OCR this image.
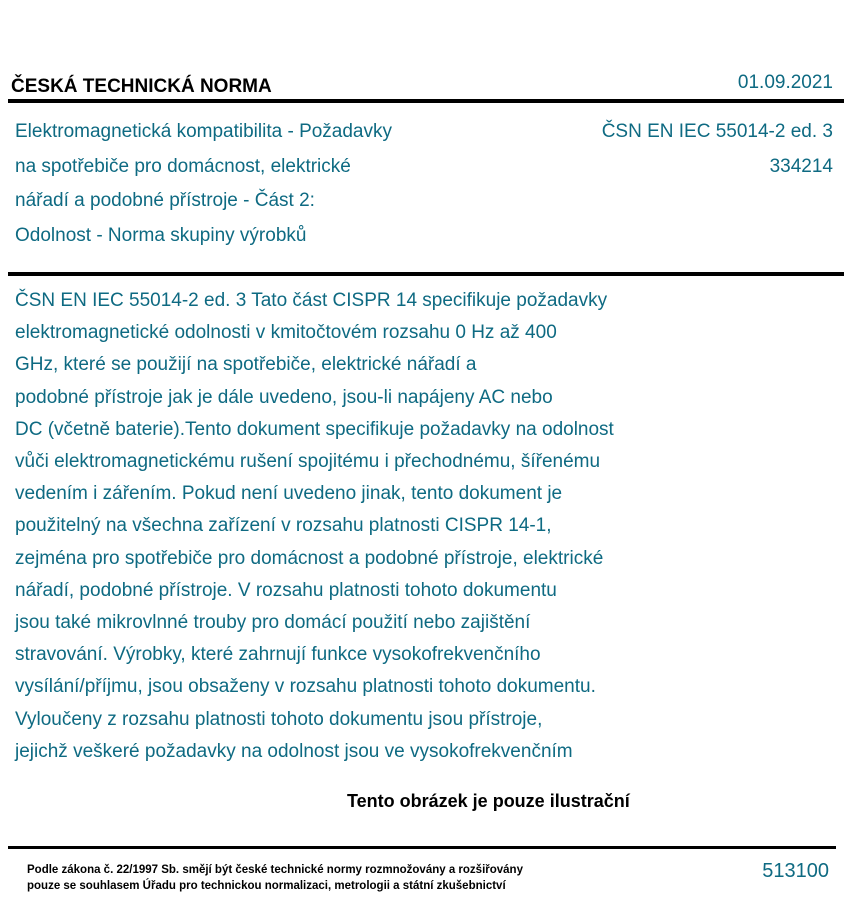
ČESKÁ TECHNICKÁ NORMA	01.09.2021
Elektromagnetická kompatibilita - Požadavky
na spotřebiče pro domácnost, elektrické
nářadí a podobné přístroje - Část 2:
Odolnost - Norma skupiny výrobků
ČSN EN IEC 55014-2 ed. 3
334214
ČSN EN IEC 55014-2 ed. 3 Tato část CISPR 14 specifikuje požadavky
elektromagnetické odolnosti v kmitočtovém rozsahu 0 Hz až 400
GHz, které se použijí na spotřebiče, elektrické nářadí a
podobné přístroje jak je dále uvedeno, jsou-li napájeny AC nebo
DC (včetně baterie).Tento dokument specifikuje požadavky na odolnost
vůči elektromagnetickému rušení spojitému i přechodnému, šířenému
vedením i zářením. Pokud není uvedeno jinak, tento dokument je
použitelný na všechna zařízení v rozsahu platnosti CISPR 14-1,
zejména pro spotřebiče pro domácnost a podobné přístroje, elektrické
nářadí, podobné přístroje. V rozsahu platnosti tohoto dokumentu
jsou také mikrovlnné trouby pro domácí použití nebo zajištění
stravování. Výrobky, které zahrnují funkce vysokofrekvenčního
vysílání/příjmu, jsou obsaženy v rozsahu platnosti tohoto dokumentu.
Vyloučeny z rozsahu platnosti tohoto dokumentu jsou přístroje,
jejichž veškeré požadavky na odolnost jsou ve vysokofrekvenčním
Tento obrázek je pouze ilustrační
Podle zákona č. 22/1997 Sb. smějí být české technické normy rozmnožovány a rozšiřovány
pouze se souhlasem Úřadu pro technickou normalizaci, metrologii a státní zkušebnictví
513100
